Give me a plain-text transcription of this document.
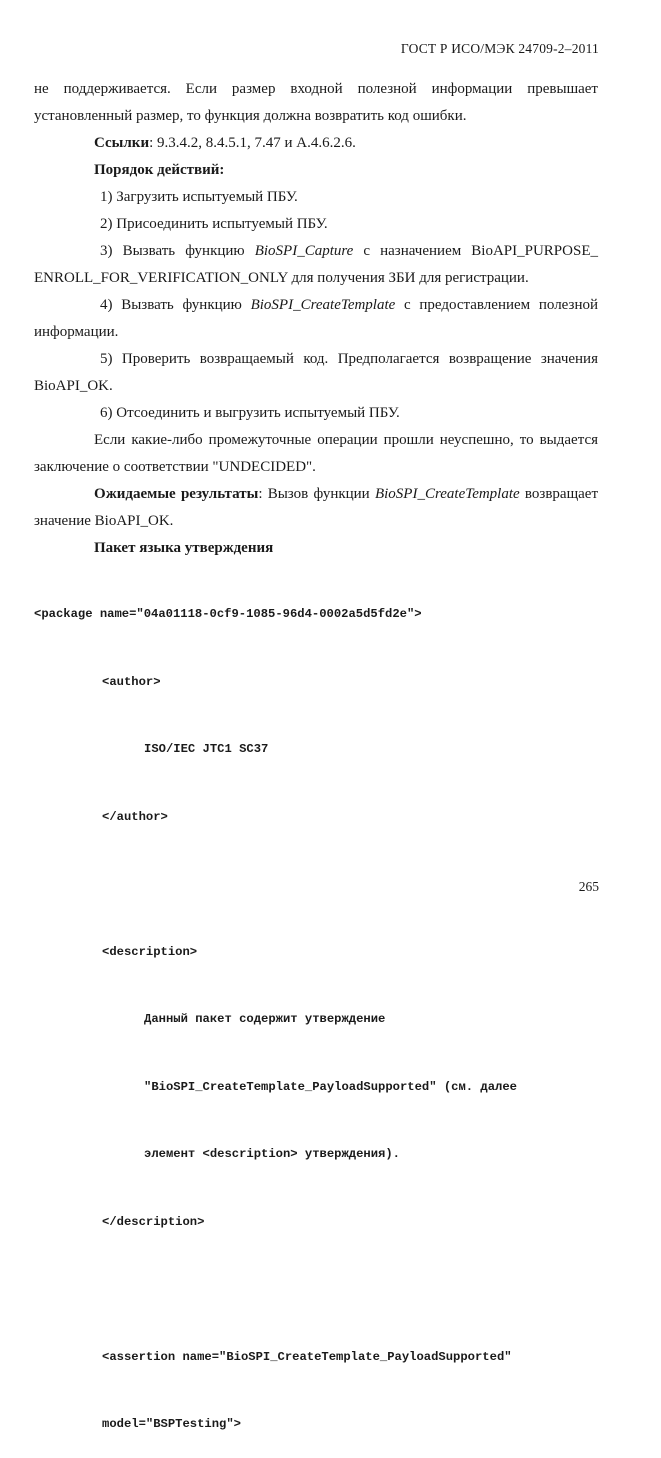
ГОСТ Р ИСО/МЭК 24709-2–2011

не поддерживается. Если размер входной полезной информации превышает установленный размер, то функция должна возвратить код ошибки.

Ссылки: 9.3.4.2, 8.4.5.1, 7.47 и A.4.6.2.6.

Порядок действий:

1) Загрузить испытуемый ПБУ.

2) Присоединить испытуемый ПБУ.

3) Вызвать функцию BioSPI_Capture с назначением BioAPI_PURPOSE_ ENROLL_FOR_VERIFICATION_ONLY для получения ЗБИ для регистрации.

4) Вызвать функцию BioSPI_CreateTemplate с предоставлением полезной информации.

5) Проверить возвращаемый код. Предполагается возвращение значения BioAPI_OK.

6) Отсоединить и выгрузить испытуемый ПБУ.

Если какие-либо промежуточные операции прошли неуспешно, то выдается заключение о соответствии "UNDECIDED".

Ожидаемые результаты: Вызов функции BioSPI_CreateTemplate возвращает значение BioAPI_OK.

Пакет языка утверждения

<package name="04a01118-0cf9-1085-96d4-0002a5d5fd2e">

<author>

ISO/IEC JTC1 SC37

</author>

<description>

Данный пакет содержит утверждение

"BioSPI_CreateTemplate_PayloadSupported" (см. далее

элемент <description> утверждения).

</description>

<assertion name="BioSPI_CreateTemplate_PayloadSupported"

model="BSPTesting">

265
